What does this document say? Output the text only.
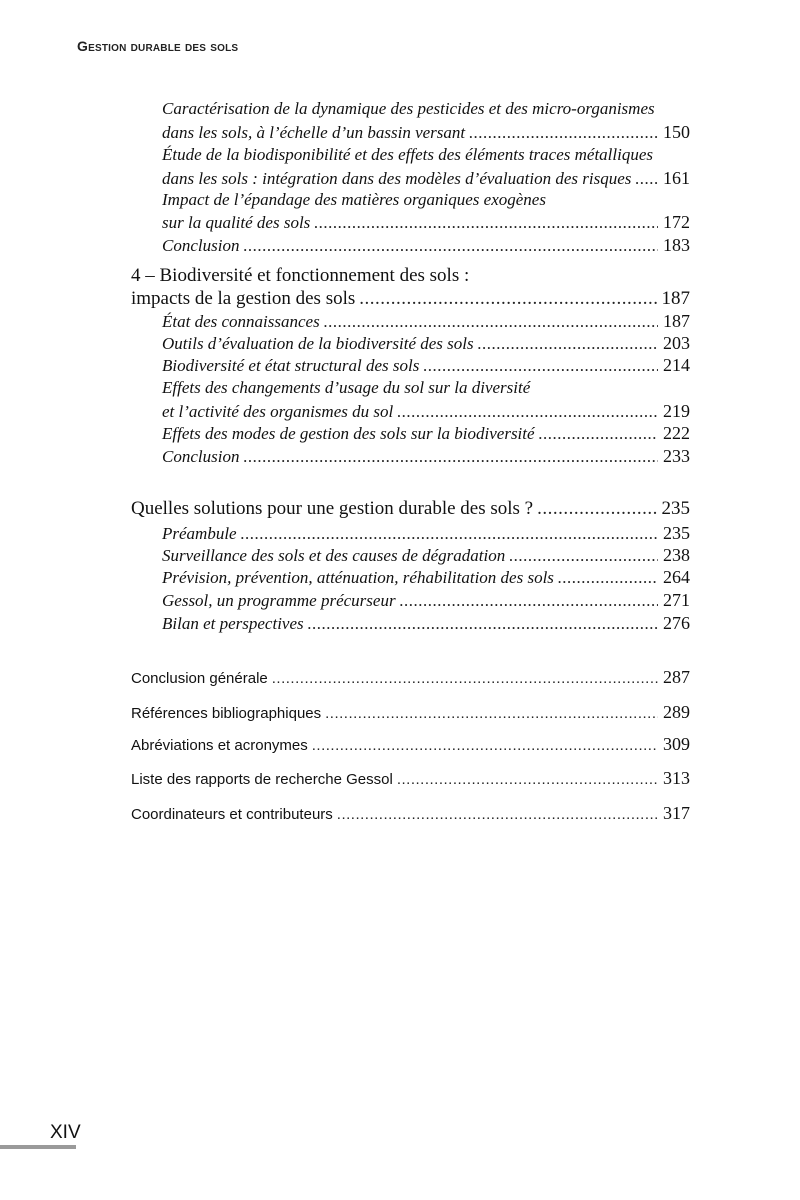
Gestion durable des sols
Caractérisation de la dynamique des pesticides et des micro-organismes
dans les sols, à l’échelle d’un bassin versant .....	150
Étude de la biodisponibilité et des effets des éléments traces métalliques
dans les sols : intégration dans des modèles d’évaluation des risques ..... 161
Impact de l’épandage des matières organiques exogènes
sur la qualité des sols .....	172
Conclusion .....	183
4 – Biodiversité et fonctionnement des sols :
impacts de la gestion des sols .....	187
État des connaissances .....	187
Outils d’évaluation de la biodiversité des sols .....	203
Biodiversité et état structural des sols .....	214
Effets des changements d’usage du sol sur la diversité
et l’activité des organismes du sol .....	219
Effets des modes de gestion des sols sur la biodiversité .....	222
Conclusion .....	233
Quelles solutions pour une gestion durable des sols ? .....	235
Préambule .....	235
Surveillance des sols et des causes de dégradation .....	238
Prévision, prévention, atténuation, réhabilitation des sols .....	264
Gessol, un programme précurseur .....	271
Bilan et perspectives .....	276
Conclusion générale .....	287
Références bibliographiques .....	289
Abréviations et acronymes .....	309
Liste des rapports de recherche Gessol .....	313
Coordinateurs et contributeurs .....	317
XIV
